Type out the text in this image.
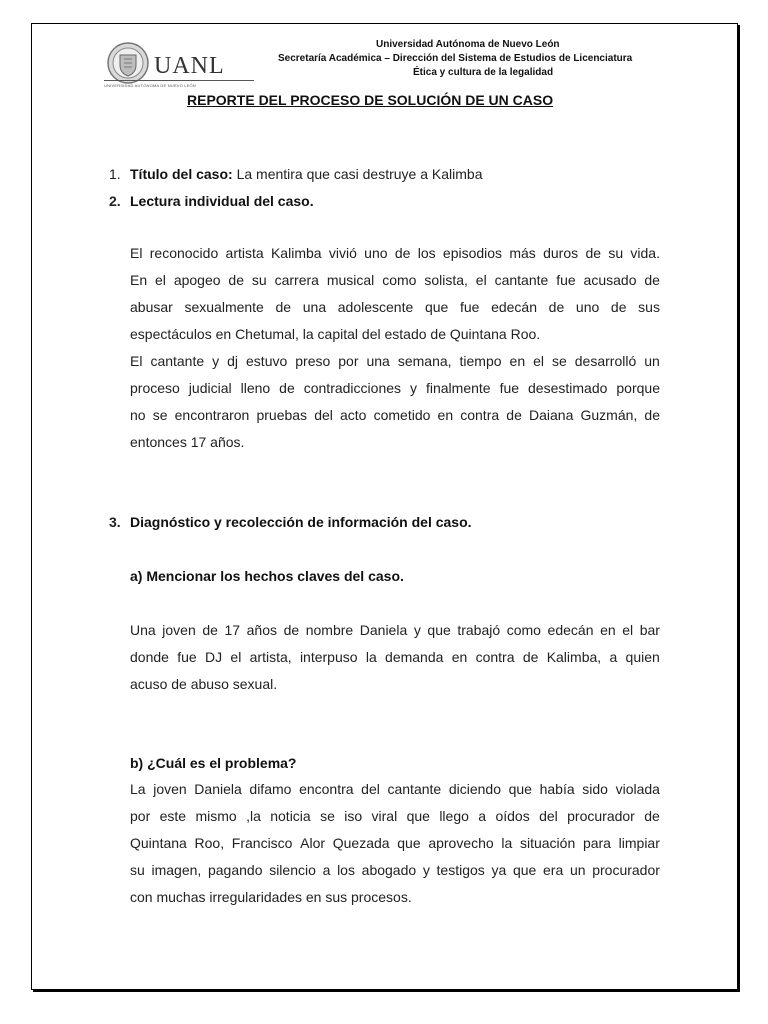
UANL
UNIVERSIDAD AUTÓNOMA DE NUEVO LEÓN
Universidad Autónoma de Nuevo León
Secretaría Académica – Dirección del Sistema de Estudios de Licenciatura
Ética y cultura de la legalidad
REPORTE DEL PROCESO DE SOLUCIÓN DE UN CASO
1. Título del caso: La mentira que casi destruye a Kalimba
2. Lectura individual del caso.
El reconocido artista Kalimba vivió uno de los episodios más duros de su vida.
En el apogeo de su carrera musical como solista, el cantante fue acusado de
abusar sexualmente de una adolescente que fue edecán de uno de sus
espectáculos en Chetumal, la capital del estado de Quintana Roo.
El cantante y dj estuvo preso por una semana, tiempo en el se desarrolló un
proceso judicial lleno de contradicciones y finalmente fue desestimado porque
no se encontraron pruebas del acto cometido en contra de Daiana Guzmán, de
entonces 17 años.
3. Diagnóstico y recolección de información del caso.
a) Mencionar los hechos claves del caso.
Una joven de 17 años de nombre Daniela y que trabajó como edecán en el bar
donde fue DJ el artista, interpuso la demanda en contra de Kalimba, a quien
acuso de abuso sexual.
b) ¿Cuál es el problema?
La joven Daniela difamo encontra del cantante diciendo que había sido violada
por este mismo ,la noticia se iso viral que llego a oídos del procurador de
Quintana Roo, Francisco Alor Quezada que aprovecho la situación para limpiar
su imagen, pagando silencio a los abogado y testigos ya que era un procurador
con muchas irregularidades en sus procesos.
